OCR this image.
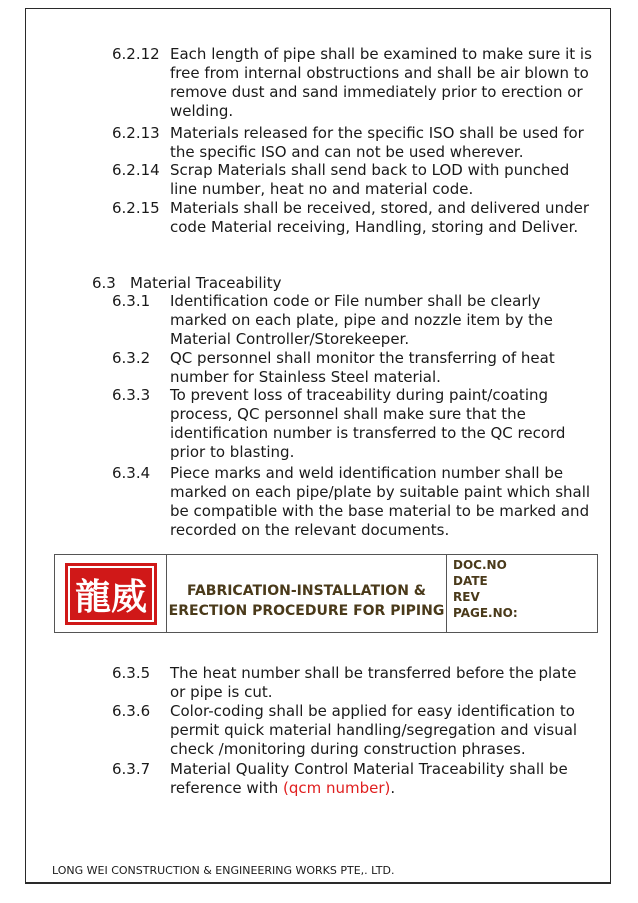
6.2.12 Each length of pipe shall be examined to make sure it is free from internal obstructions and shall be air blown to remove dust and sand immediately prior to erection or welding.
6.2.13 Materials released for the specific ISO shall be used for the specific ISO and can not be used wherever.
6.2.14 Scrap Materials shall send back to LOD with punched line number, heat no and material code.
6.2.15 Materials shall be received, stored, and delivered under code Material receiving, Handling, storing and Deliver.
6.3 Material Traceability
6.3.1 Identification code or File number shall be clearly marked on each plate, pipe and nozzle item by the Material Controller/Storekeeper.
6.3.2 QC personnel shall monitor the transferring of heat number for Stainless Steel material.
6.3.3 To prevent loss of traceability during paint/coating process, QC personnel shall make sure that the identification number is transferred to the QC record prior to blasting.
6.3.4 Piece marks and weld identification number shall be marked on each pipe/plate by suitable paint which shall be compatible with the base material to be marked and recorded on the relevant documents.
龍威	FABRICATION-INSTALLATION & ERECTION PROCEDURE FOR PIPING
DOC.NO
DATE
REV
PAGE.NO:
6.3.5 The heat number shall be transferred before the plate or pipe is cut.
6.3.6 Color-coding shall be applied for easy identification to permit quick material handling/segregation and visual check /monitoring during construction phrases.
6.3.7 Material Quality Control Material Traceability shall be reference with (qcm number).
LONG WEI CONSTRUCTION & ENGINEERING WORKS PTE,. LTD.
